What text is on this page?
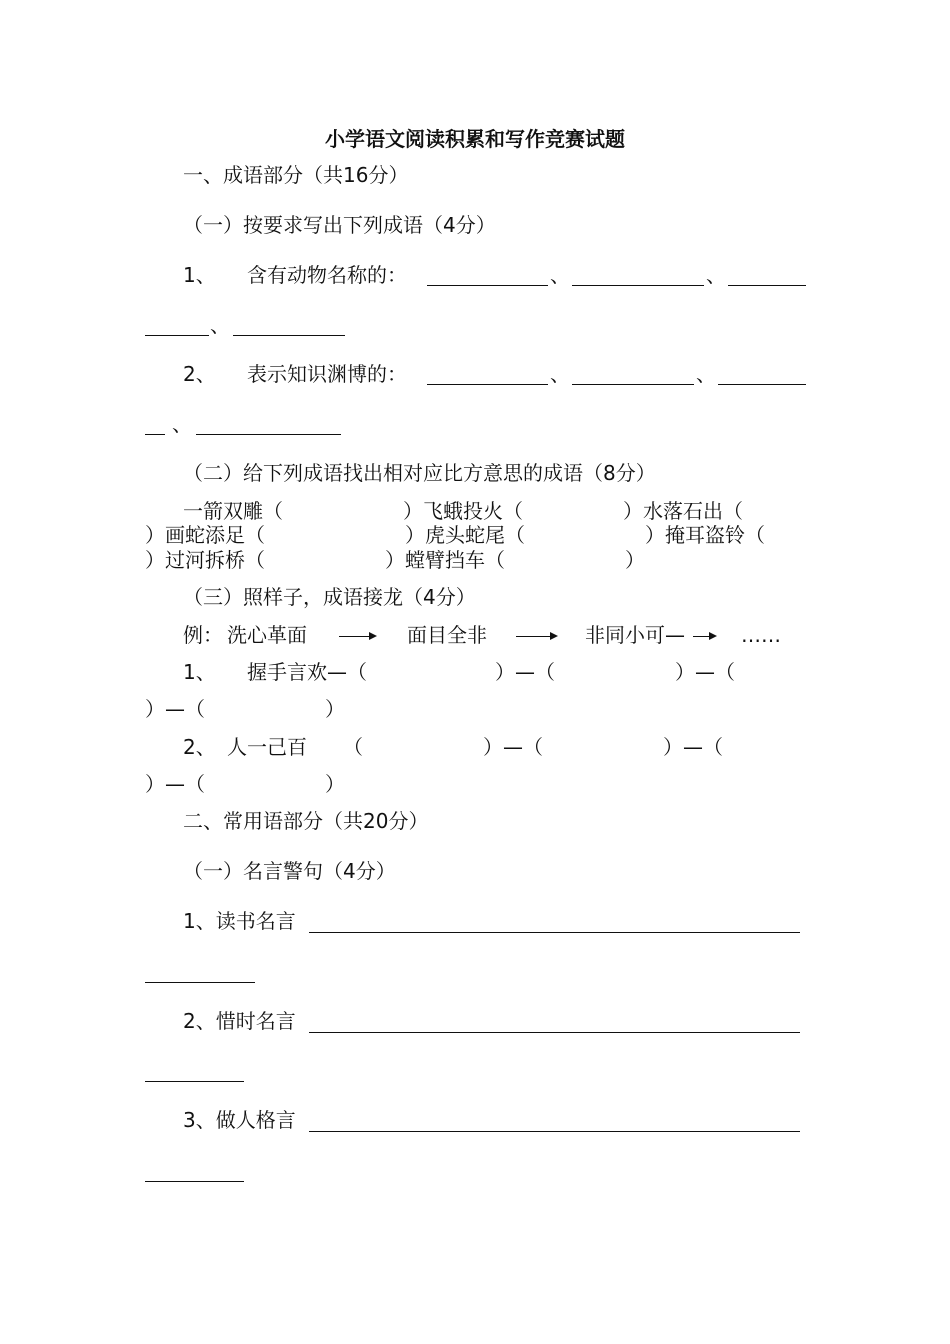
小学语文阅读积累和写作竞赛试题
一、成语部分（共16分）
（一）按要求写出下列成语（4分）
1、 含有动物名称的：	、	、
、
2、 表示知识渊博的：	、	、
、
（二）给下列成语找出相对应比方意思的成语（8分）
一箭双雕（　　　　　　）飞蛾投火（　　　　　）水落石出（
）画蛇添足（　　　　　　　）虎头蛇尾（　　　　　　）掩耳盗铃（
）过河拆桥（　　　　　　）螳臂挡车（　　　　　　）
（三）照样子，成语接龙（4分）
例： 洗心革面	面目全非	非同小可—	……
1、 握手言欢—（	）—（　　　　　　）—（
）—（　　　　　　）
2、 人一己百 （　　　　　　）—（　　　　　　）—（
）—（　　　　　　）
二、常用语部分（共20分）
（一）名言警句（4分）
1、读书名言
2、惜时名言
3、做人格言
